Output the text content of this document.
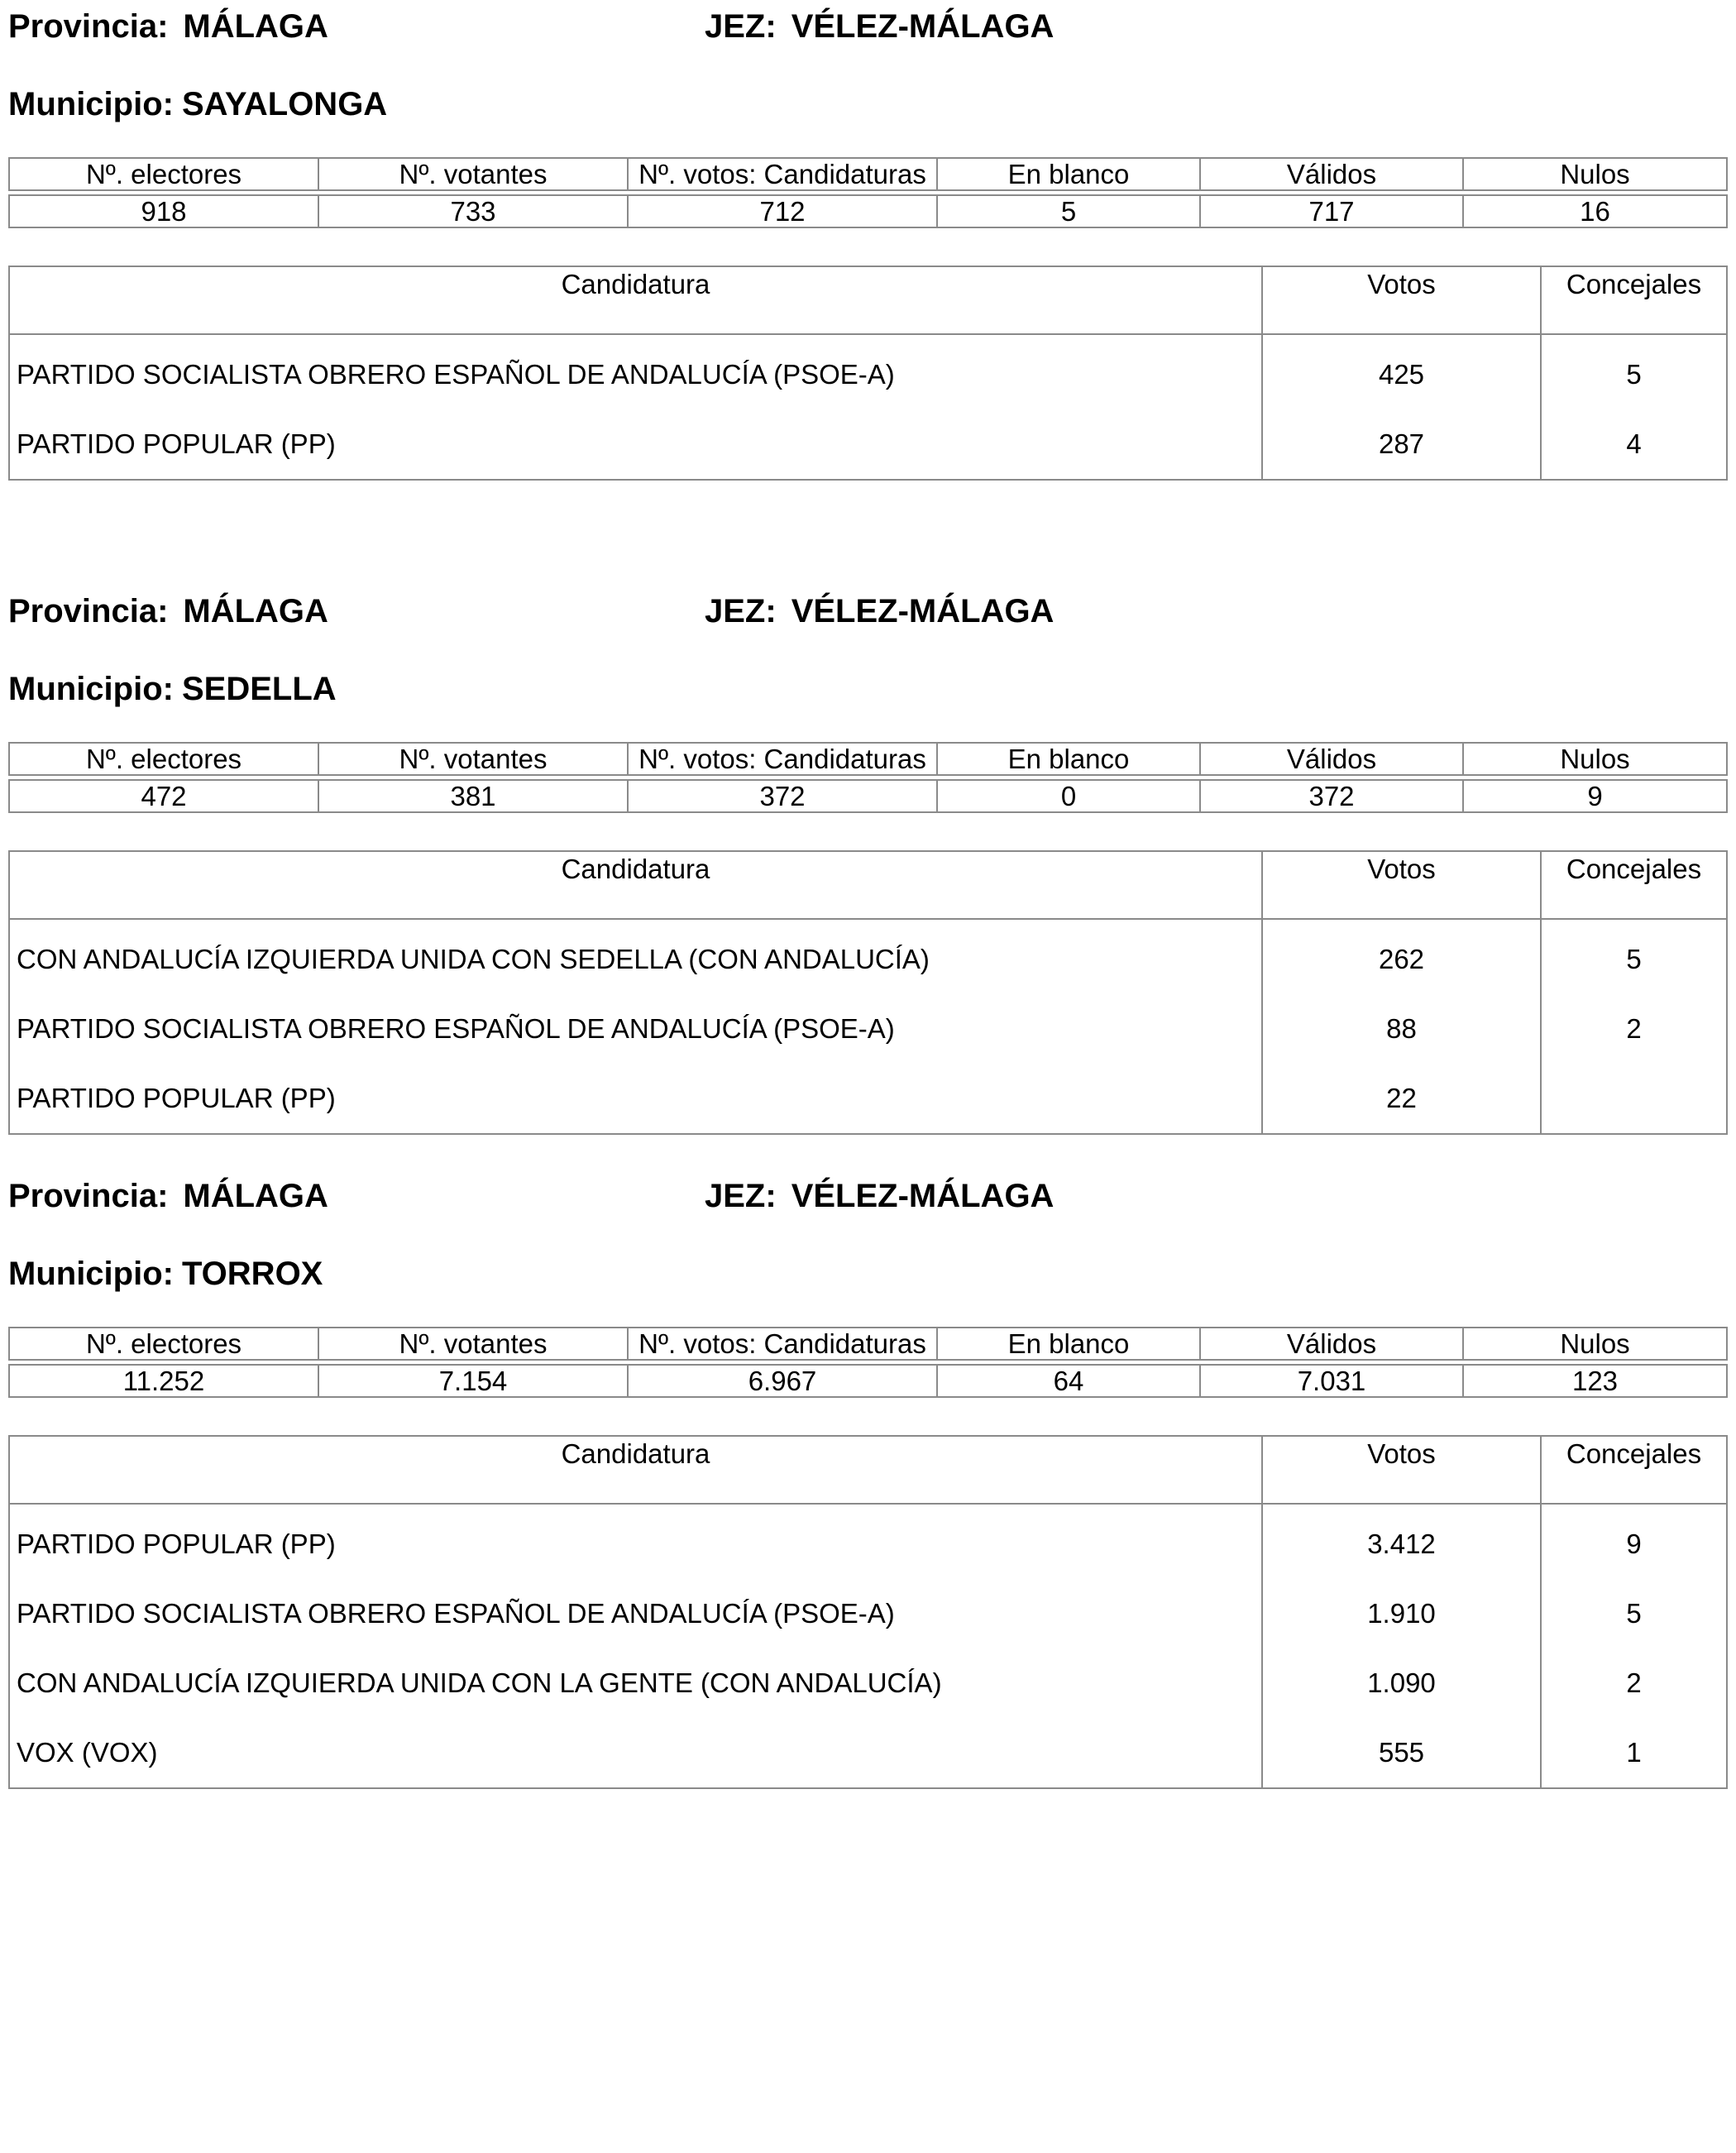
Provincia: MÁLAGA	JEZ: VÉLEZ-MÁLAGA
Municipio: SAYALONGA
Nº. electores	Nº. votantes	Nº. votos: Candidaturas	En blanco	Válidos	Nulos

918	733	712	5	717	16
Candidatura	Votos	Concejales
PARTIDO SOCIALISTA OBRERO ESPAÑOL DE ANDALUCÍA (PSOE-A)	425	5
PARTIDO POPULAR (PP)	287	4
Provincia: MÁLAGA	JEZ: VÉLEZ-MÁLAGA
Municipio: SEDELLA
Nº. electores	Nº. votantes	Nº. votos: Candidaturas	En blanco	Válidos	Nulos

472	381	372	0	372	9
Candidatura	Votos	Concejales
CON ANDALUCÍA IZQUIERDA UNIDA CON SEDELLA (CON ANDALUCÍA)	262	5
PARTIDO SOCIALISTA OBRERO ESPAÑOL DE ANDALUCÍA (PSOE-A)	88	2
PARTIDO POPULAR (PP)	22	
Provincia: MÁLAGA	JEZ: VÉLEZ-MÁLAGA
Municipio: TORROX
Nº. electores	Nº. votantes	Nº. votos: Candidaturas	En blanco	Válidos	Nulos

11.252	7.154	6.967	64	7.031	123
Candidatura	Votos	Concejales
PARTIDO POPULAR (PP)	3.412	9
PARTIDO SOCIALISTA OBRERO ESPAÑOL DE ANDALUCÍA (PSOE-A)	1.910	5
CON ANDALUCÍA IZQUIERDA UNIDA CON LA GENTE (CON ANDALUCÍA)	1.090	2
VOX (VOX)	555	1
